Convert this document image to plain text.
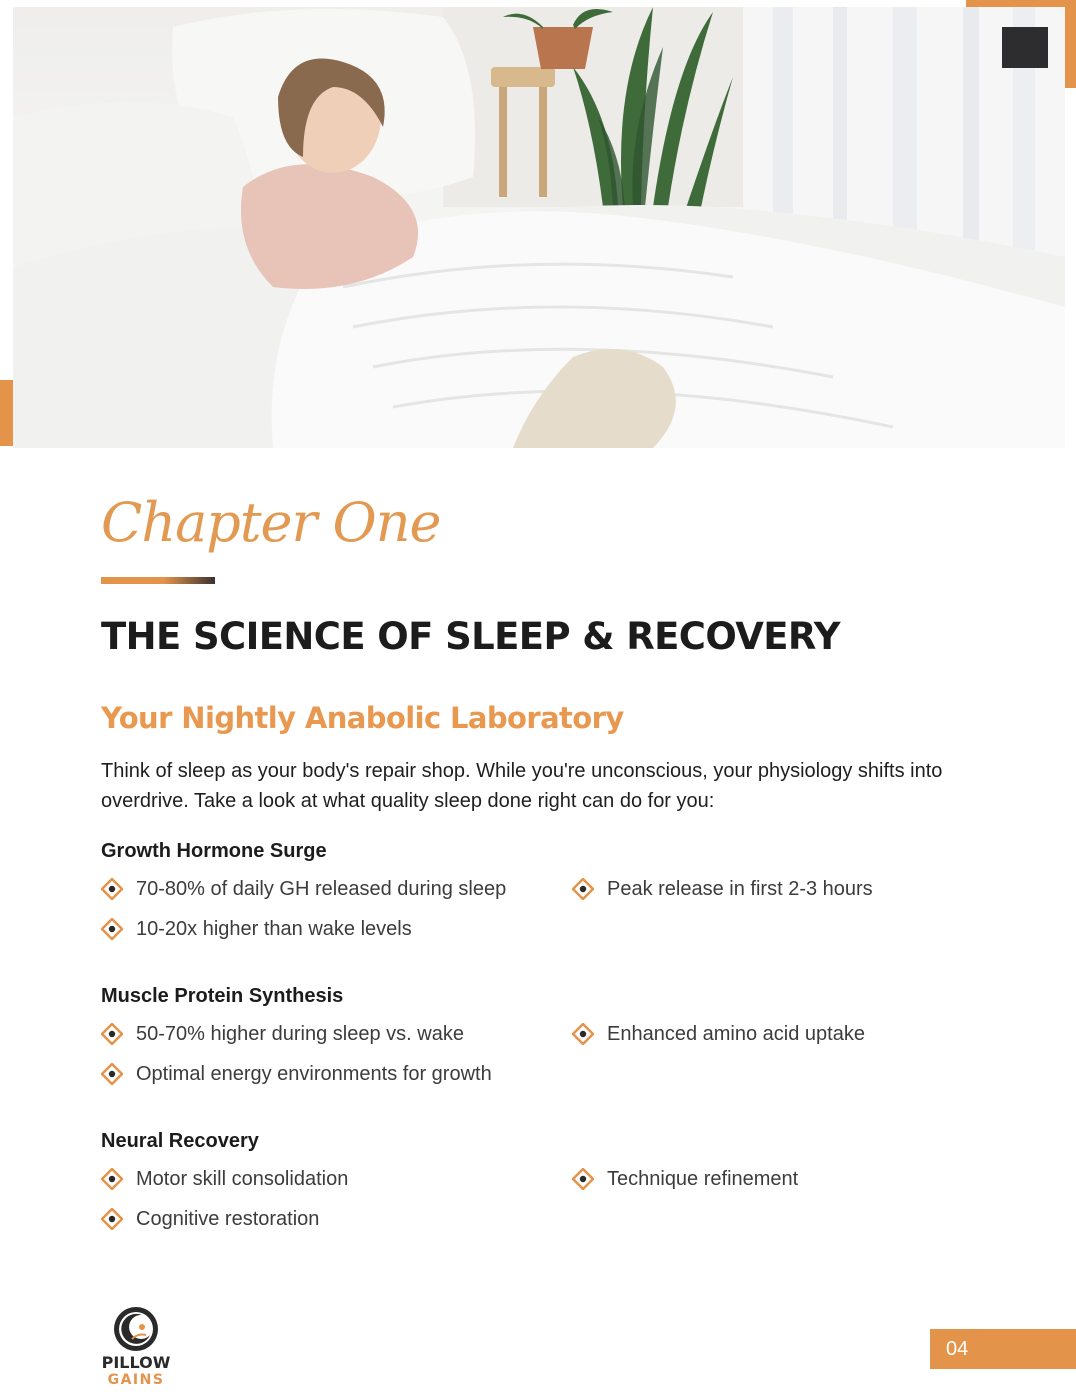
Chapter One
THE SCIENCE OF SLEEP & RECOVERY
Your Nightly Anabolic Laboratory

Think of sleep as your body's repair shop. While you're unconscious, your physiology shifts into overdrive. Take a look at what quality sleep done right can do for you:

Growth Hormone Surge
70-80% of daily GH released during sleep	Peak release in first 2-3 hours
10-20x higher than wake levels
Muscle Protein Synthesis
50-70% higher during sleep vs. wake	Enhanced amino acid uptake
Optimal energy environments for growth
Neural Recovery
Motor skill consolidation	Technique refinement
Cognitive restoration
PILLOW
GAINS
04
